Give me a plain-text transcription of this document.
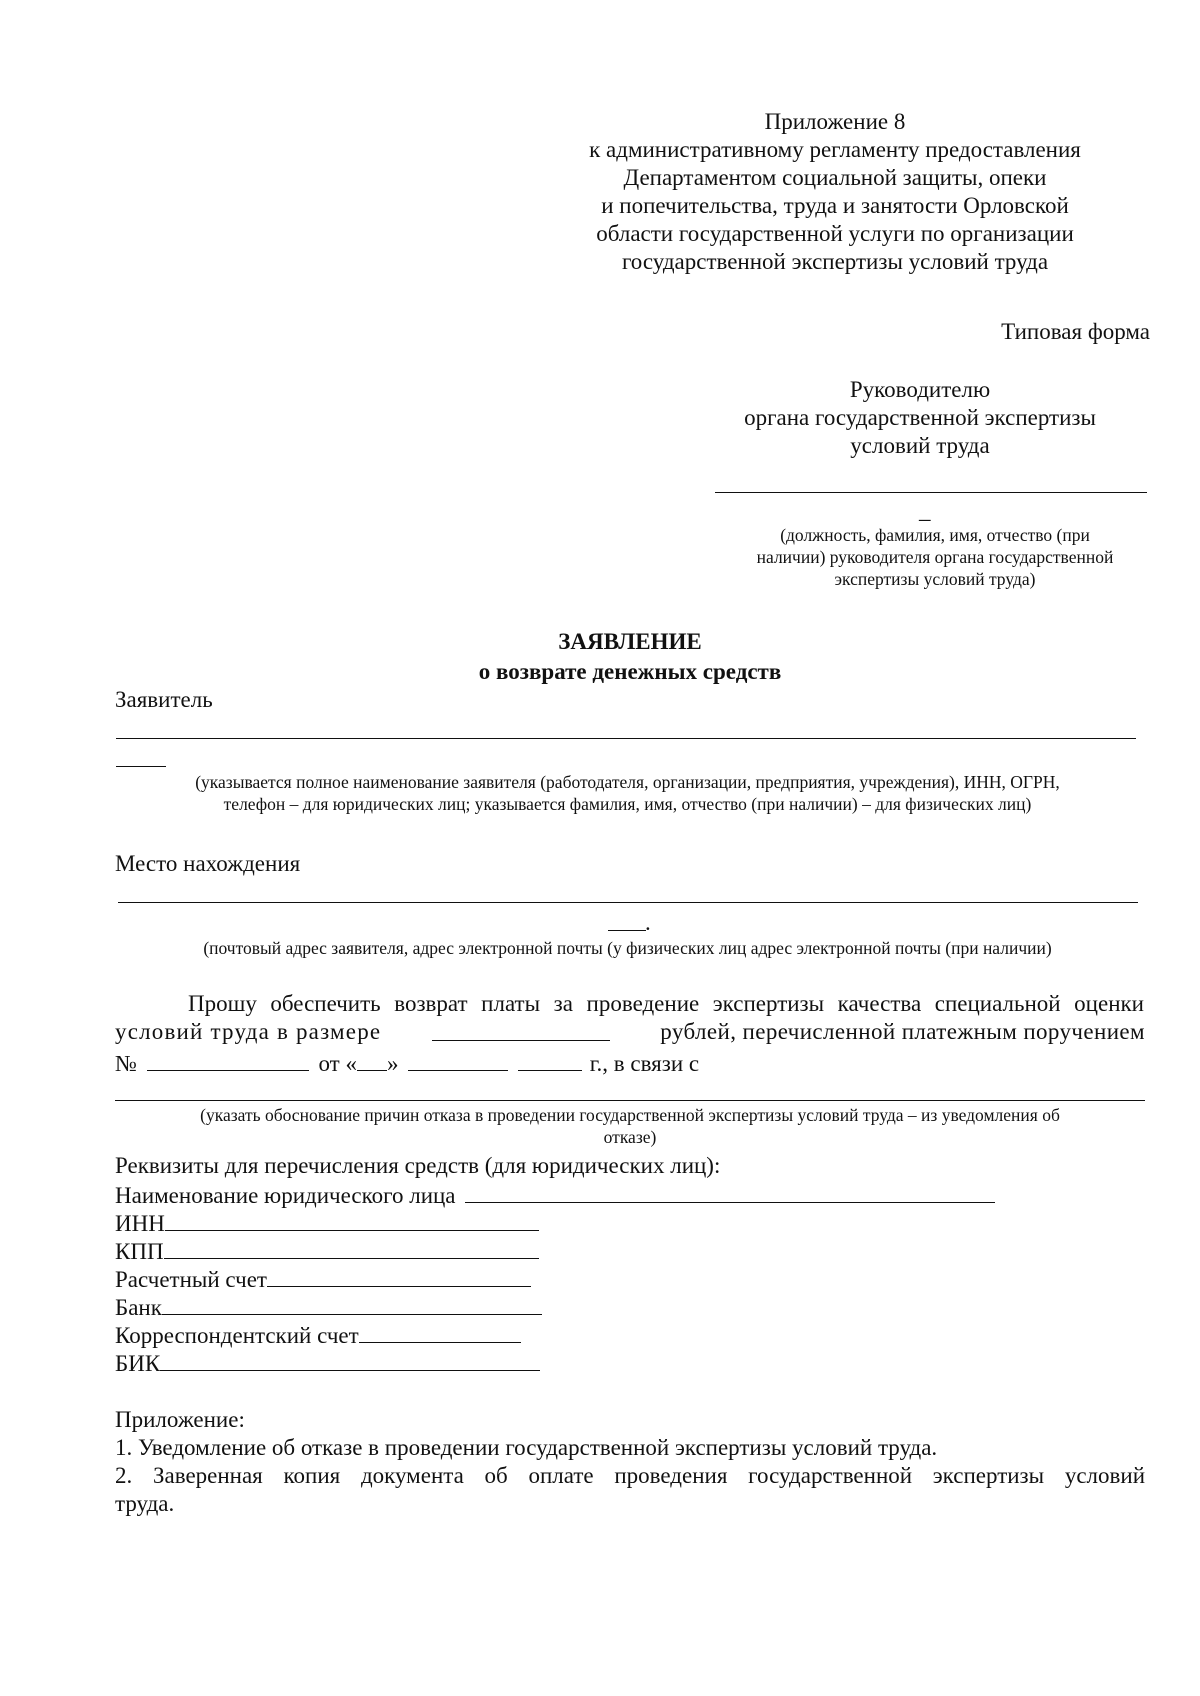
Приложение 8
к административному регламенту предоставления
Департаментом социальной защиты, опеки
и попечительства, труда и занятости Орловской
области государственной услуги по организации
государственной экспертизы условий труда
Типовая форма
Руководителю
органа государственной экспертизы
условий труда
_
(должность, фамилия, имя, отчество (при
наличии) руководителя органа государственной
экспертизы условий труда)
ЗАЯВЛЕНИЕ
о возврате денежных средств
Заявитель
(указывается полное наименование заявителя (работодателя, организации, предприятия, учреждения), ИНН, ОГРН,
телефон – для юридических лиц; указывается фамилия, имя, отчество (при наличии) – для физических лиц)
Место нахождения
.
(почтовый адрес заявителя, адрес электронной почты (у физических лиц адрес электронной почты (при наличии)
Прошу обеспечить возврат платы за проведение экспертизы качества специальной оценки
условий труда в размере	рублей, перечисленной платежным поручением
№	от « »	г., в связи с
(указать обоснование причин отказа в проведении государственной экспертизы условий труда – из уведомления об
отказе)
Реквизиты для перечисления средств (для юридических лиц):
Наименование юридического лица
ИНН
КПП
Расчетный счет
Банк
Корреспондентский счет
БИК
Приложение:
1. Уведомление об отказе в проведении государственной экспертизы условий труда.
2. Заверенная копия документа об оплате проведения государственной экспертизы условий
труда.
